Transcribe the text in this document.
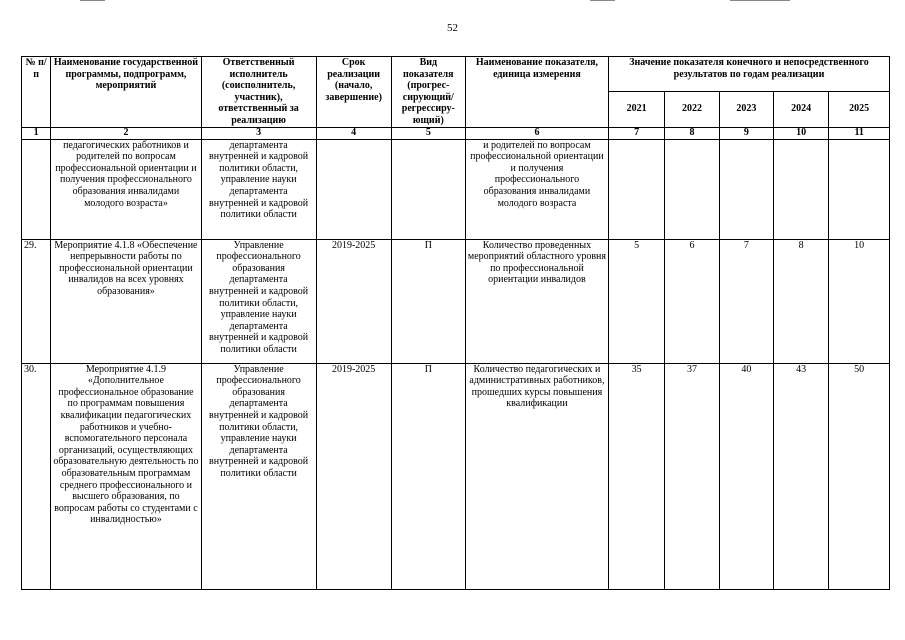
52
№ п/п	Наименование государственной программы, подпрограмм, мероприятий	Ответственный исполнитель (соисполнитель, участник), ответственный за реализацию	Срок реализации (начало, завершение)	Вид показателя (прогрес-сирующий/ регрессиру-ющий)	Наименование показателя, единица измерения	Значение показателя конечного и непосредственного результатов по годам реализации				
						2021	2022	2023	2024	2025
1	2	3	4	5	6	7	8	9	10	11
	педагогических работников и родителей по вопросам профессиональной ориентации и получения профессионального образования инвалидами молодого возраста»	департамента внутренней и кадровой политики области, управление науки департамента внутренней и кадровой политики области			и родителей по вопросам профессиональной ориентации и получения профессионального образования инвалидами молодого возраста					
29.	Мероприятие 4.1.8 «Обеспечение непрерывности работы по профессиональной ориентации инвалидов на всех уровнях образования»	Управление профессионального образования департамента внутренней и кадровой политики области, управление науки департамента внутренней и кадровой политики области	2019-2025	П	Количество проведенных мероприятий областного уровня по профессиональной ориентации инвалидов	5	6	7	8	10
30.	Мероприятие 4.1.9 «Дополнительное профессиональное образование по программам повышения квалификации педагогических работников и учебно-вспомогательного персонала организаций, осуществляющих образовательную деятельность по образовательным программам среднего профессионального и высшего образования, по вопросам работы со студентами с инвалидностью»	Управление профессионального образования департамента внутренней и кадровой политики области, управление науки департамента внутренней и кадровой политики области	2019-2025	П	Количество педагогических и административных работников, прошедших курсы повышения квалификации	35	37	40	43	50
